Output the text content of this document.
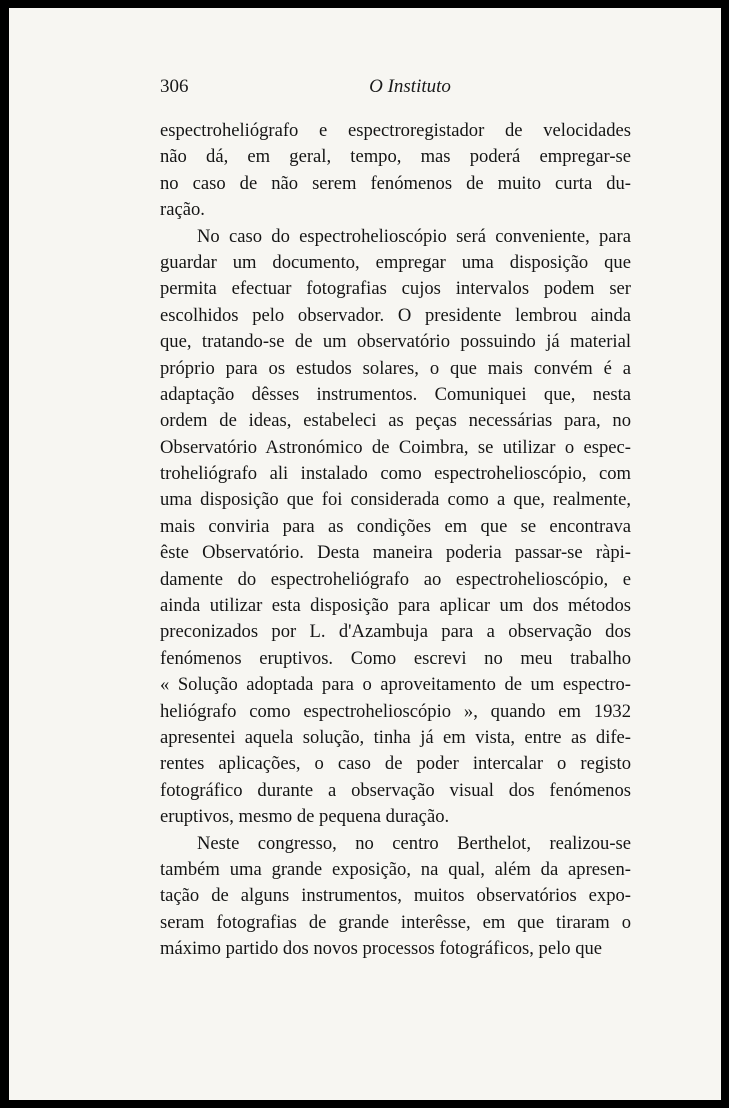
306	O Instituto
espectroheliógrafo e espectroregistador de velocidades
não dá, em geral, tempo, mas poderá empregar-se
no caso de não serem fenómenos de muito curta du-
ração.
No caso do espectrohelioscópio será conveniente, para
guardar um documento, empregar uma disposição que
permita efectuar fotografias cujos intervalos podem ser
escolhidos pelo observador. O presidente lembrou ainda
que, tratando-se de um observatório possuindo já material
próprio para os estudos solares, o que mais convém é a
adaptação dêsses instrumentos. Comuniquei que, nesta
ordem de ideas, estabeleci as peças necessárias para, no
Observatório Astronómico de Coimbra, se utilizar o espec-
troheliógrafo ali instalado como espectrohelioscópio, com
uma disposição que foi considerada como a que, realmente,
mais conviria para as condições em que se encontrava
êste Observatório. Desta maneira poderia passar-se ràpi-
damente do espectroheliógrafo ao espectrohelioscópio, e
ainda utilizar esta disposição para aplicar um dos métodos
preconizados por L. d'Azambuja para a observação dos
fenómenos eruptivos. Como escrevi no meu trabalho
« Solução adoptada para o aproveitamento de um espectro-
heliógrafo como espectrohelioscópio », quando em 1932
apresentei aquela solução, tinha já em vista, entre as dife-
rentes aplicações, o caso de poder intercalar o registo
fotográfico durante a observação visual dos fenómenos
eruptivos, mesmo de pequena duração.
Neste congresso, no centro Berthelot, realizou-se
também uma grande exposição, na qual, além da apresen-
tação de alguns instrumentos, muitos observatórios expo-
seram fotografias de grande interêsse, em que tiraram o
máximo partido dos novos processos fotográficos, pelo que
